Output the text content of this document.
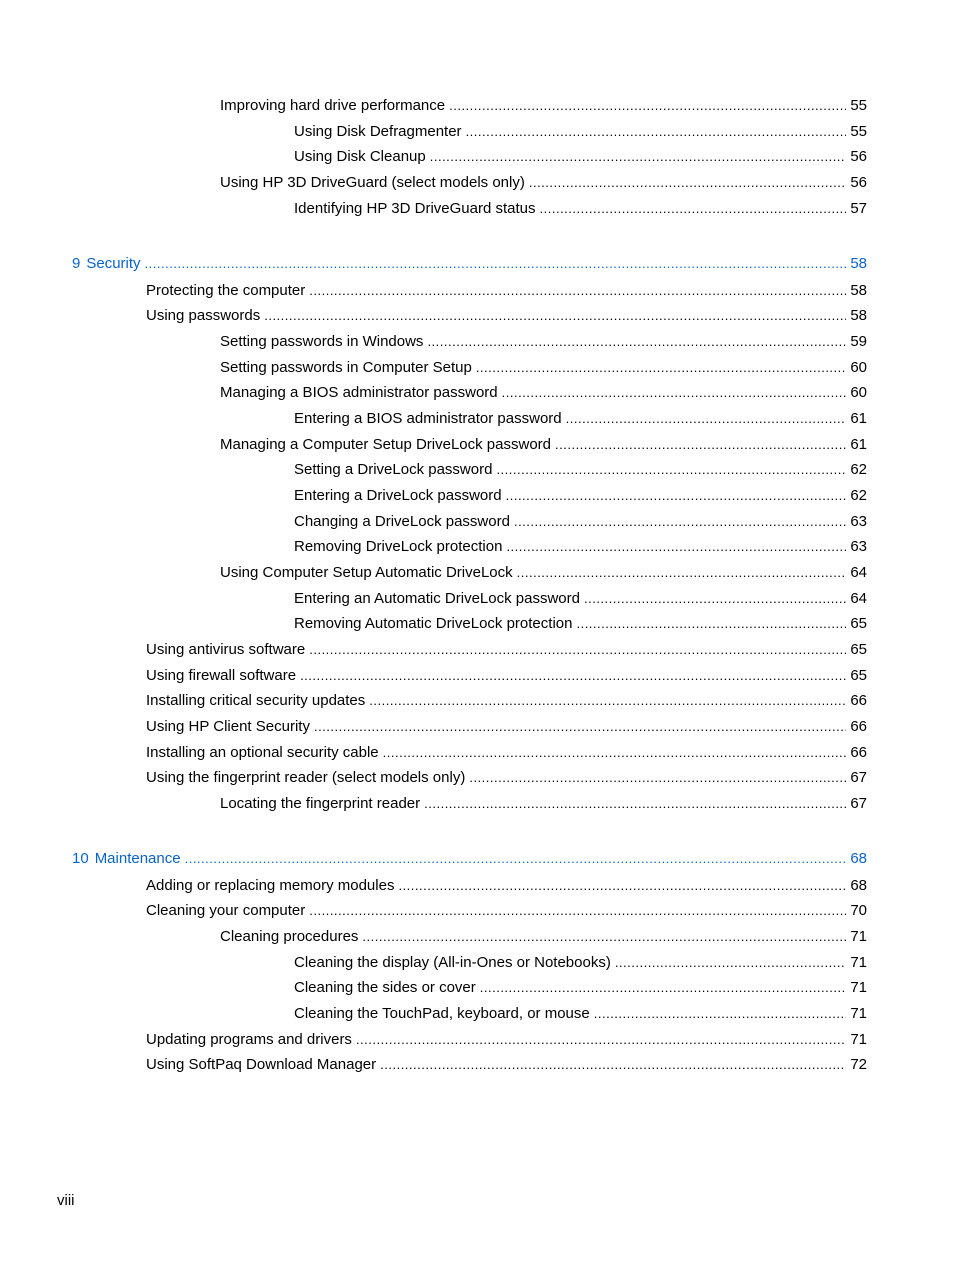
Improving hard drive performance .....	55
Using Disk Defragmenter .....	55
Using Disk Cleanup .....	56
Using HP 3D DriveGuard (select models only) .....	56
Identifying HP 3D DriveGuard status .....	57
9 Security .....	58
Protecting the computer .....	58
Using passwords .....	58
Setting passwords in Windows .....	59
Setting passwords in Computer Setup .....	60
Managing a BIOS administrator password .....	60
Entering a BIOS administrator password .....	61
Managing a Computer Setup DriveLock password .....	61
Setting a DriveLock password .....	62
Entering a DriveLock password .....	62
Changing a DriveLock password .....	63
Removing DriveLock protection .....	63
Using Computer Setup Automatic DriveLock .....	64
Entering an Automatic DriveLock password .....	64
Removing Automatic DriveLock protection .....	65
Using antivirus software .....	65
Using firewall software .....	65
Installing critical security updates .....	66
Using HP Client Security .....	66
Installing an optional security cable .....	66
Using the fingerprint reader (select models only) .....	67
Locating the fingerprint reader .....	67
10 Maintenance .....	68
Adding or replacing memory modules .....	68
Cleaning your computer .....	70
Cleaning procedures .....	71
Cleaning the display (All-in-Ones or Notebooks) .....	71
Cleaning the sides or cover .....	71
Cleaning the TouchPad, keyboard, or mouse .....	71
Updating programs and drivers .....	71
Using SoftPaq Download Manager .....	72
viii
